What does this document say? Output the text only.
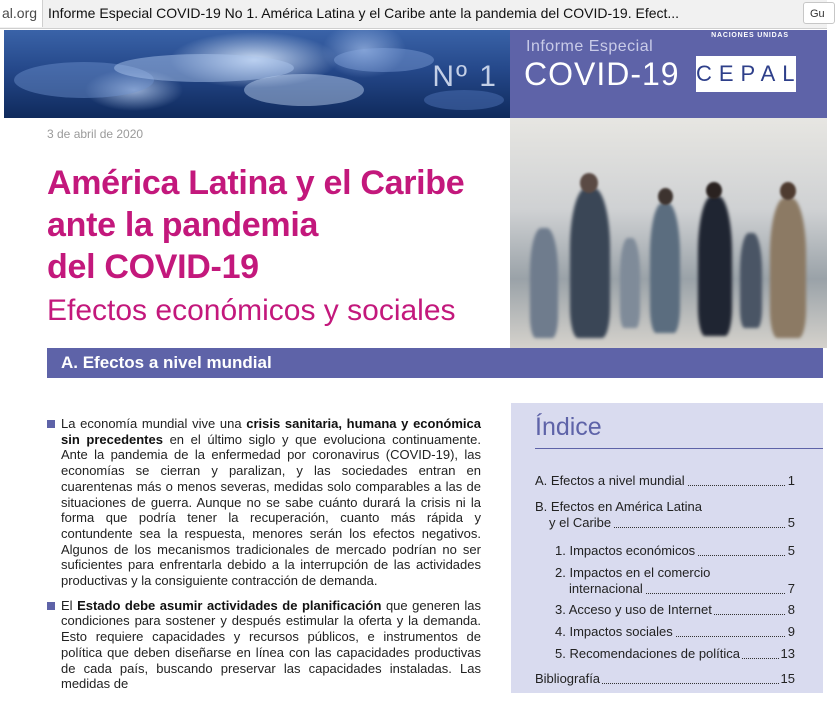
al.org Informe Especial COVID-19 No 1. América Latina y el Caribe ante la pandemia del COVID-19. Efect...	Gu
Nº 1
Informe Especial
COVID-19
NACIONES UNIDAS
CEPAL
3 de abril de 2020
América Latina y el Caribe
ante la pandemia
del COVID-19
Efectos económicos y sociales
A. Efectos a nivel mundial
La economía mundial vive una crisis sanitaria, humana y económica sin precedentes en el último siglo y que evoluciona continuamente. Ante la pandemia de la enfermedad por coronavirus (COVID-19), las economías se cierran y paralizan, y las sociedades entran en cuarentenas más o menos severas, medidas solo comparables a las de situaciones de guerra. Aunque no se sabe cuánto durará la crisis ni la forma que podría tener la recuperación, cuanto más rápida y contundente sea la respuesta, menores serán los efectos negativos. Algunos de los mecanismos tradicionales de mercado podrían no ser suficientes para enfrentarla debido a la interrupción de las actividades productivas y la consiguiente contracción de demanda.
El Estado debe asumir actividades de planificación que generen las condiciones para sostener y después estimular la oferta y la demanda. Esto requiere capacidades y recursos públicos, e instrumentos de política que deben diseñarse en línea con las capacidades productivas de cada país, buscando preservar las capacidades instaladas. Las medidas de
Índice
A. Efectos a nivel mundial	1
B. Efectos en América Latina
y el Caribe	5
1. Impactos económicos	5
2. Impactos en el comercio
internacional	7
3. Acceso y uso de Internet	8
4. Impactos sociales	9
5. Recomendaciones de política	13
Bibliografía	15
